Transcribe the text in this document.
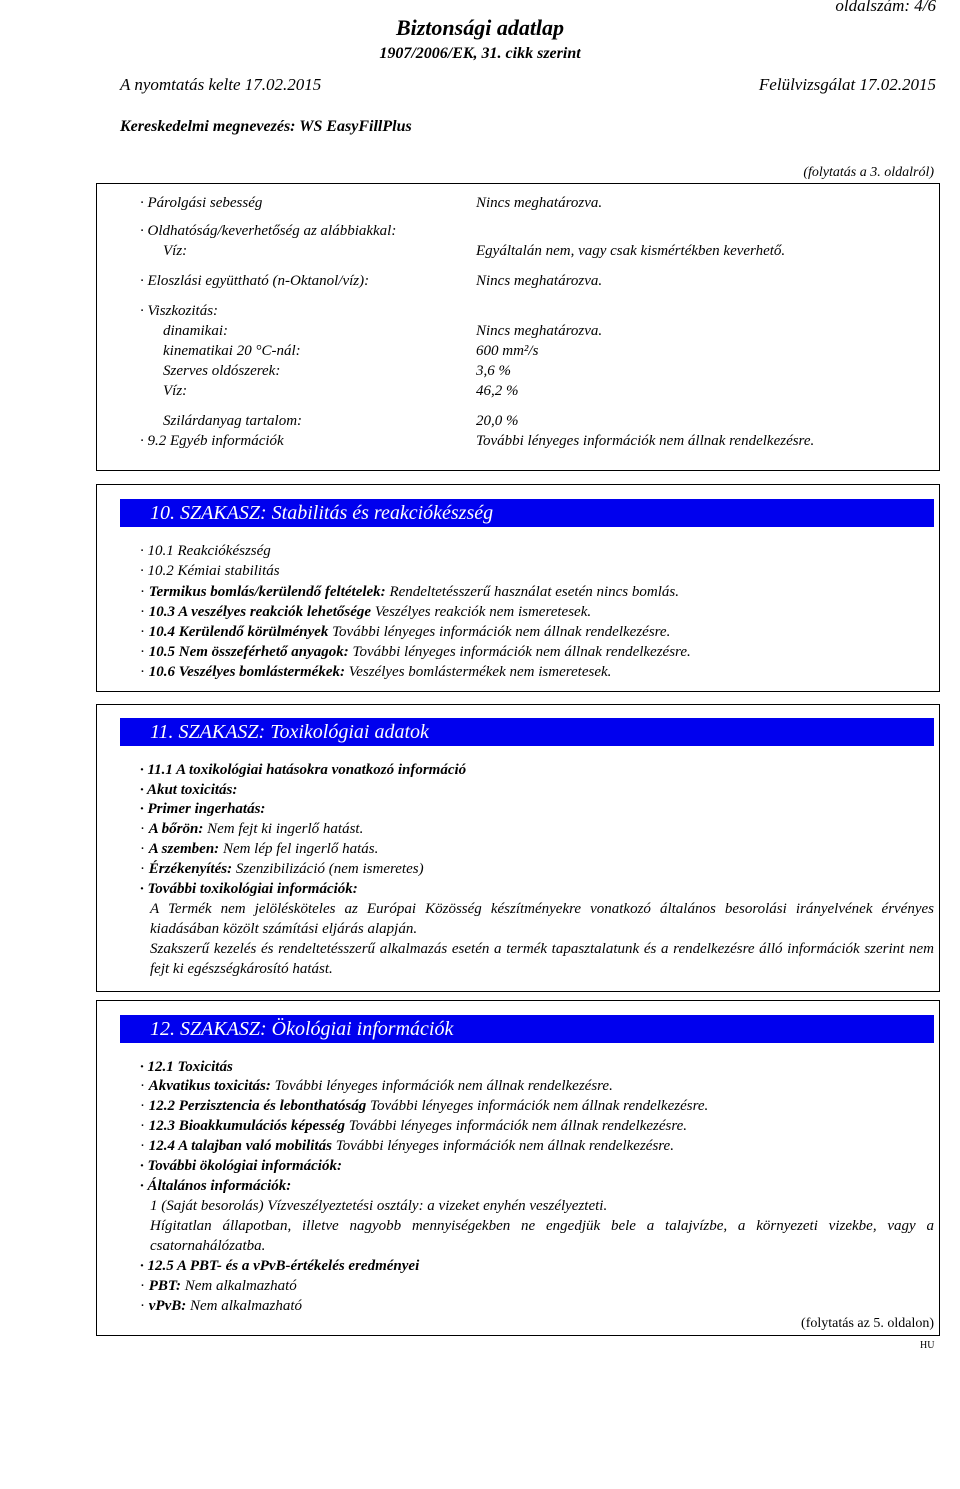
oldalszám: 4/6
Biztonsági adatlap
1907/2006/EK, 31. cikk szerint
A nyomtatás kelte 17.02.2015	Felülvizsgálat 17.02.2015
Kereskedelmi megnevezés: WS EasyFillPlus
(folytatás a 3. oldalról)
· Párolgási sebesség	Nincs meghatározva.
· Oldhatóság/keverhetőség az alábbiakkal:
Víz:	Egyáltalán nem, vagy csak kismértékben keverhető.
· Eloszlási együttható (n-Oktanol/víz):	Nincs meghatározva.
· Viszkozitás:
dinamikai:	Nincs meghatározva.
kinematikai 20 °C-nál:	600 mm²/s
Szerves oldószerek:	3,6 %
Víz:	46,2 %
Szilárdanyag tartalom:	20,0 %
· 9.2 Egyéb információk	További lényeges információk nem állnak rendelkezésre.
10. SZAKASZ: Stabilitás és reakciókészség
· 10.1 Reakciókészség
· 10.2 Kémiai stabilitás
· Termikus bomlás/kerülendő feltételek: Rendeltetésszerű használat esetén nincs bomlás.
· 10.3 A veszélyes reakciók lehetősége Veszélyes reakciók nem ismeretesek.
· 10.4 Kerülendő körülmények További lényeges információk nem állnak rendelkezésre.
· 10.5 Nem összeférhető anyagok: További lényeges információk nem állnak rendelkezésre.
· 10.6 Veszélyes bomlástermékek: Veszélyes bomlástermékek nem ismeretesek.
11. SZAKASZ: Toxikológiai adatok
· 11.1 A toxikológiai hatásokra vonatkozó információ
· Akut toxicitás:
· Primer ingerhatás:
· A bőrön: Nem fejt ki ingerlő hatást.
· A szemben: Nem lép fel ingerlő hatás.
· Érzékenyítés: Szenzibilizáció (nem ismeretes)
· További toxikológiai információk:
A Termék nem jelölésköteles az Európai Közösség készítményekre vonatkozó általános besorolási irányelvének érvényes kiadásában közölt számítási eljárás alapján.
Szakszerű kezelés és rendeltetésszerű alkalmazás esetén a termék tapasztalatunk és a rendelkezésre álló információk szerint nem fejt ki egészségkárosító hatást.
12. SZAKASZ: Ökológiai információk
· 12.1 Toxicitás
· Akvatikus toxicitás: További lényeges információk nem állnak rendelkezésre.
· 12.2 Perzisztencia és lebonthatóság További lényeges információk nem állnak rendelkezésre.
· 12.3 Bioakkumulációs képesség További lényeges információk nem állnak rendelkezésre.
· 12.4 A talajban való mobilitás További lényeges információk nem állnak rendelkezésre.
· További ökológiai információk:
· Általános információk:
1 (Saját besorolás) Vízveszélyeztetési osztály: a vizeket enyhén veszélyezteti.
Hígitatlan állapotban, illetve nagyobb mennyiségekben ne engedjük bele a talajvízbe, a környezeti vizekbe, vagy a csatornahálózatba.
· 12.5 A PBT- és a vPvB-értékelés eredményei
· PBT: Nem alkalmazható
· vPvB: Nem alkalmazható
(folytatás az 5. oldalon)
HU
